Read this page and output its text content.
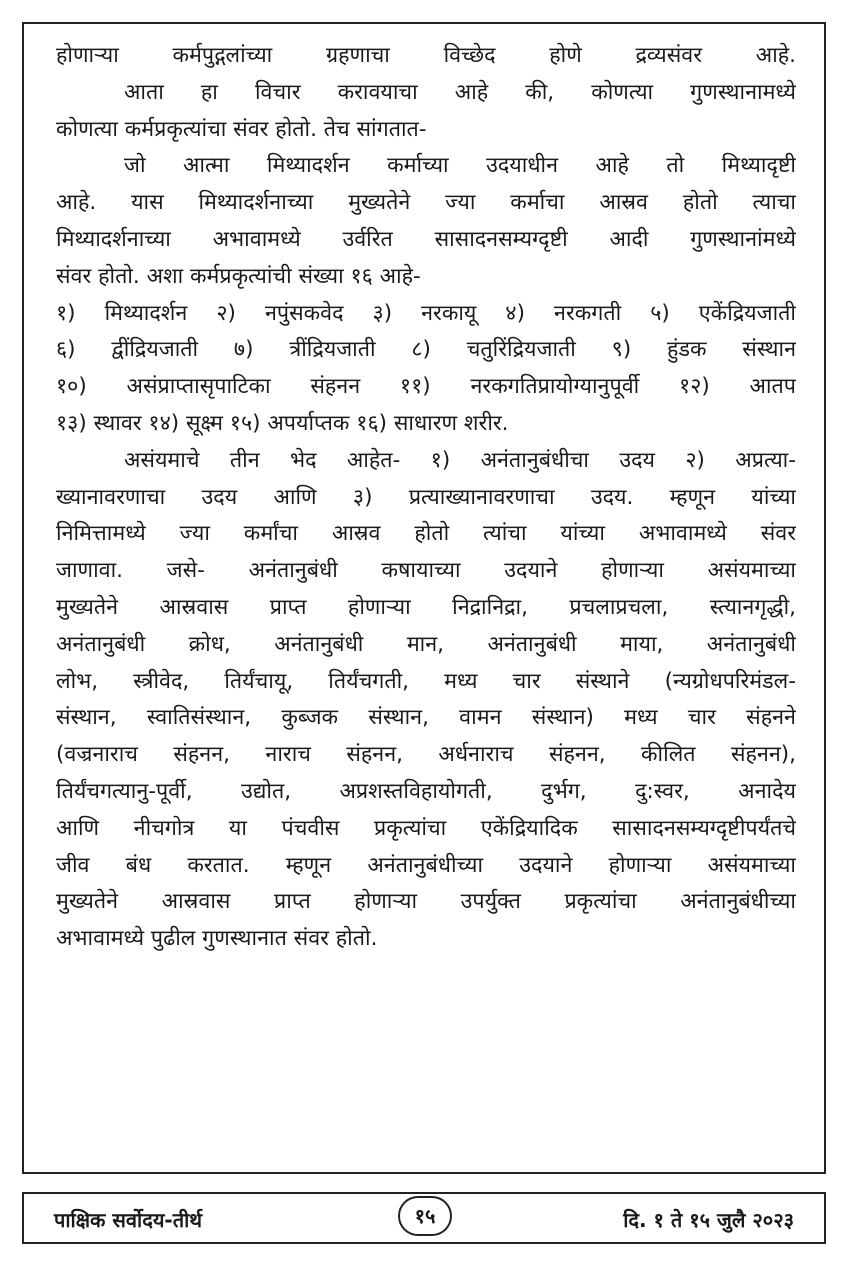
होणाऱ्या कर्मपुद्गलांच्या ग्रहणाचा विच्छेद होणे द्रव्यसंवर आहे.
आता हा विचार करावयाचा आहे की, कोणत्या गुणस्थानामध्ये
कोणत्या कर्मप्रकृत्यांचा संवर होतो. तेच सांगतात-
जो आत्मा मिथ्यादर्शन कर्माच्या उदयाधीन आहे तो मिथ्यादृष्टी
आहे. यास मिथ्यादर्शनाच्या मुख्यतेने ज्या कर्माचा आस्रव होतो त्याचा
मिथ्यादर्शनाच्या अभावामध्ये उर्वरित सासादनसम्यग्दृष्टी आदी गुणस्थानांमध्ये
संवर होतो. अशा कर्मप्रकृत्यांची संख्या १६ आहे-
१) मिथ्यादर्शन २) नपुंसकवेद ३) नरकायू ४) नरकगती ५) एकेंद्रियजाती
६) द्वींद्रियजाती ७) त्रींद्रियजाती ८) चतुरिंद्रियजाती ९) हुंडक संस्थान
१०) असंप्राप्तासृपाटिका संहनन ११) नरकगतिप्रायोग्यानुपूर्वी १२) आतप
१३) स्थावर १४) सूक्ष्म १५) अपर्याप्तक १६) साधारण शरीर.
असंयमाचे तीन भेद आहेत- १) अनंतानुबंधीचा उदय २) अप्रत्या-
ख्यानावरणाचा उदय आणि ३) प्रत्याख्यानावरणाचा उदय. म्हणून यांच्या
निमित्तामध्ये ज्या कर्मांचा आस्रव होतो त्यांचा यांच्या अभावामध्ये संवर
जाणावा. जसे- अनंतानुबंधी कषायाच्या उदयाने होणाऱ्या असंयमाच्या
मुख्यतेने आस्रवास प्राप्त होणाऱ्या निद्रानिद्रा, प्रचलाप्रचला, स्त्यानगृद्धी,
अनंतानुबंधी क्रोध, अनंतानुबंधी मान, अनंतानुबंधी माया, अनंतानुबंधी
लोभ, स्त्रीवेद, तिर्यंचायू, तिर्यंचगती, मध्य चार संस्थाने (न्यग्रोधपरिमंडल-
संस्थान, स्वातिसंस्थान, कुब्जक संस्थान, वामन संस्थान) मध्य चार संहनने
(वज्रनाराच संहनन, नाराच संहनन, अर्धनाराच संहनन, कीलित संहनन),
तिर्यंचगत्यानु-पूर्वी, उद्योत, अप्रशस्तविहायोगती, दुर्भग, दु:स्वर, अनादेय
आणि नीचगोत्र या पंचवीस प्रकृत्यांचा एकेंद्रियादिक सासादनसम्यग्दृष्टीपर्यंतचे
जीव बंध करतात. म्हणून अनंतानुबंधीच्या उदयाने होणाऱ्या असंयमाच्या
मुख्यतेने आस्रवास प्राप्त होणाऱ्या उपर्युक्त प्रकृत्यांचा अनंतानुबंधीच्या
अभावामध्ये पुढील गुणस्थानात संवर होतो.
पाक्षिक सर्वोदय-तीर्थ	१५	दि. १ ते १५ जुलै २०२३
